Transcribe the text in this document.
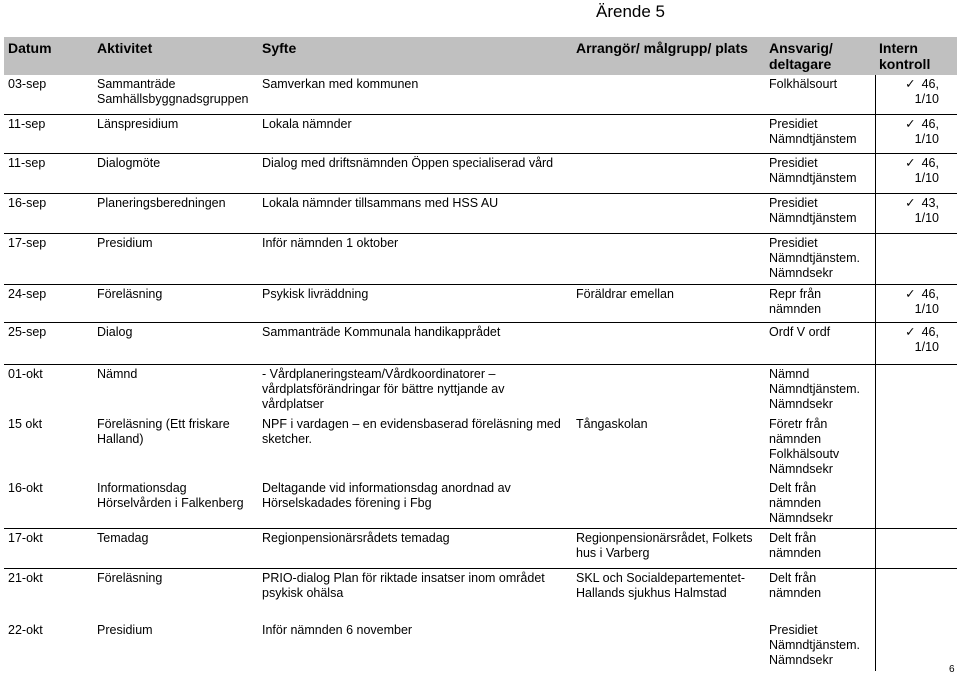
Ärende 5
Datum	Aktivitet	Syfte	Arrangör/ målgrupp/ plats	Ansvarig/ deltagare	Intern kontroll
03-sep	Sammanträde Samhällsbyggnadsgruppen	Samverkan med kommunen		Folkhälsourt	✓46, 1/10
11-sep	Länspresidium	Lokala nämnder		Presidiet Nämndtjänstem	✓ 46, 1/10
11-sep	Dialogmöte	Dialog med driftsnämnden Öppen specialiserad vård		Presidiet Nämndtjänstem	✓ 46, 1/10
16-sep	Planeringsberedningen	Lokala nämnder tillsammans med HSS AU		Presidiet Nämndtjänstem	✓ 43, 1/10
17-sep	Presidium	Inför nämnden 1 oktober		Presidiet Nämndtjänstem. Nämndsekr	
24-sep	Föreläsning	Psykisk livräddning	Föräldrar emellan	Repr från nämnden	✓ 46, 1/10
25-sep	Dialog	Sammanträde Kommunala handikapprådet		Ordf V ordf	✓46, 1/10
01-okt	Nämnd	- Vårdplaneringsteam/Vårdkoordinatorer – vårdplatsförändringar för bättre nyttjande av vårdplatser		Nämnd Nämndtjänstem. Nämndsekr	
15 okt	Föreläsning (Ett friskare Halland)	NPF i vardagen – en evidensbaserad föreläsning med sketcher.	Tångaskolan	Företr från nämnden Folkhälsoutv Nämndsekr	
16-okt	Informationsdag Hörselvården i Falkenberg	Deltagande vid informationsdag anordnad av Hörselskadades förening i Fbg		Delt från nämnden Nämndsekr	
17-okt	Temadag	Regionpensionärsrådets temadag	Regionpensionärsrådet, Folkets hus i Varberg	Delt från nämnden	
21-okt	Föreläsning	PRIO-dialog Plan för riktade insatser inom området psykisk ohälsa	SKL och Socialdepartementet-Hallands sjukhus Halmstad	Delt från nämnden	
22-okt	Presidium	Inför nämnden 6 november		Presidiet Nämndtjänstem. Nämndsekr	
6
